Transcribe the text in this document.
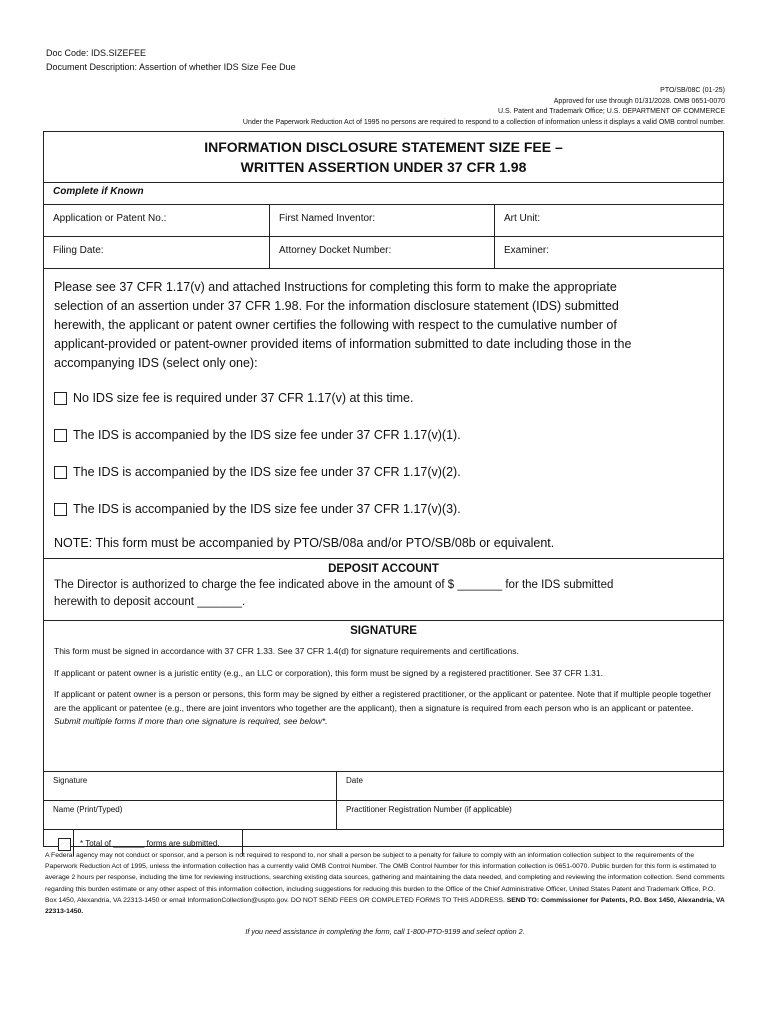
Doc Code: IDS.SIZEFEE
Document Description: Assertion of whether IDS Size Fee Due
PTO/SB/08C (01-25)
Approved for use through 01/31/2028. OMB 0651-0070
U.S. Patent and Trademark Office; U.S. DEPARTMENT OF COMMERCE
Under the Paperwork Reduction Act of 1995 no persons are required to respond to a collection of information unless it displays a valid OMB control number.
INFORMATION DISCLOSURE STATEMENT SIZE FEE –
WRITTEN ASSERTION UNDER 37 CFR 1.98
Complete if Known
Application or Patent No.:	First Named Inventor:	Art Unit:
Filing Date:	Attorney Docket Number:	Examiner:

Please see 37 CFR 1.17(v) and attached Instructions for completing this form to make the appropriate

selection of an assertion under 37 CFR 1.98. For the information disclosure statement (IDS) submitted

herewith, the applicant or patent owner certifies the following with respect to the cumulative number of

applicant-provided or patent-owner provided items of information submitted to date including those in the

accompanying IDS (select only one):

No IDS size fee is required under 37 CFR 1.17(v) at this time.
The IDS is accompanied by the IDS size fee under 37 CFR 1.17(v)(1).
The IDS is accompanied by the IDS size fee under 37 CFR 1.17(v)(2).
The IDS is accompanied by the IDS size fee under 37 CFR 1.17(v)(3).

NOTE: This form must be accompanied by PTO/SB/08a and/or PTO/SB/08b or equivalent.

DEPOSIT ACCOUNT
The Director is authorized to charge the fee indicated above in the amount of $ _______ for the IDS submitted
herewith to deposit account _______.
SIGNATURE

This form must be signed in accordance with 37 CFR 1.33. See 37 CFR 1.4(d) for signature requirements and certifications.

If applicant or patent owner is a juristic entity (e.g., an LLC or corporation), this form must be signed by a registered practitioner. See 37 CFR 1.31.

If applicant or patent owner is a person or persons, this form may be signed by either a registered practitioner, or the applicant or patentee. Note that if multiple people together are the applicant or patentee (e.g., there are joint inventors who together are the applicant), then a signature is required from each person who is an applicant or patentee. Submit multiple forms if more than one signature is required, see below*.

Signature	Date
Name (Print/Typed)	Practitioner Registration Number (if applicable)
* Total of _______ forms are submitted.
A Federal agency may not conduct or sponsor, and a person is not required to respond to, nor shall a person be subject to a penalty for failure to comply with an information collection subject to the requirements of the Paperwork Reduction Act of 1995, unless the information collection has a currently valid OMB Control Number. The OMB Control Number for this information collection is 0651-0070. Public burden for this form is estimated to average 2 hours per response, including the time for reviewing instructions, searching existing data sources, gathering and maintaining the data needed, and completing and reviewing the information collection. Send comments regarding this burden estimate or any other aspect of this information collection, including suggestions for reducing this burden to the Office of the Chief Administrative Officer, United States Patent and Trademark Office, P.O. Box 1450, Alexandria, VA 22313-1450 or email InformationCollection@uspto.gov. DO NOT SEND FEES OR COMPLETED FORMS TO THIS ADDRESS. SEND TO: Commissioner for Patents, P.O. Box 1450, Alexandria, VA 22313-1450.
If you need assistance in completing the form, call 1-800-PTO-9199 and select option 2.
